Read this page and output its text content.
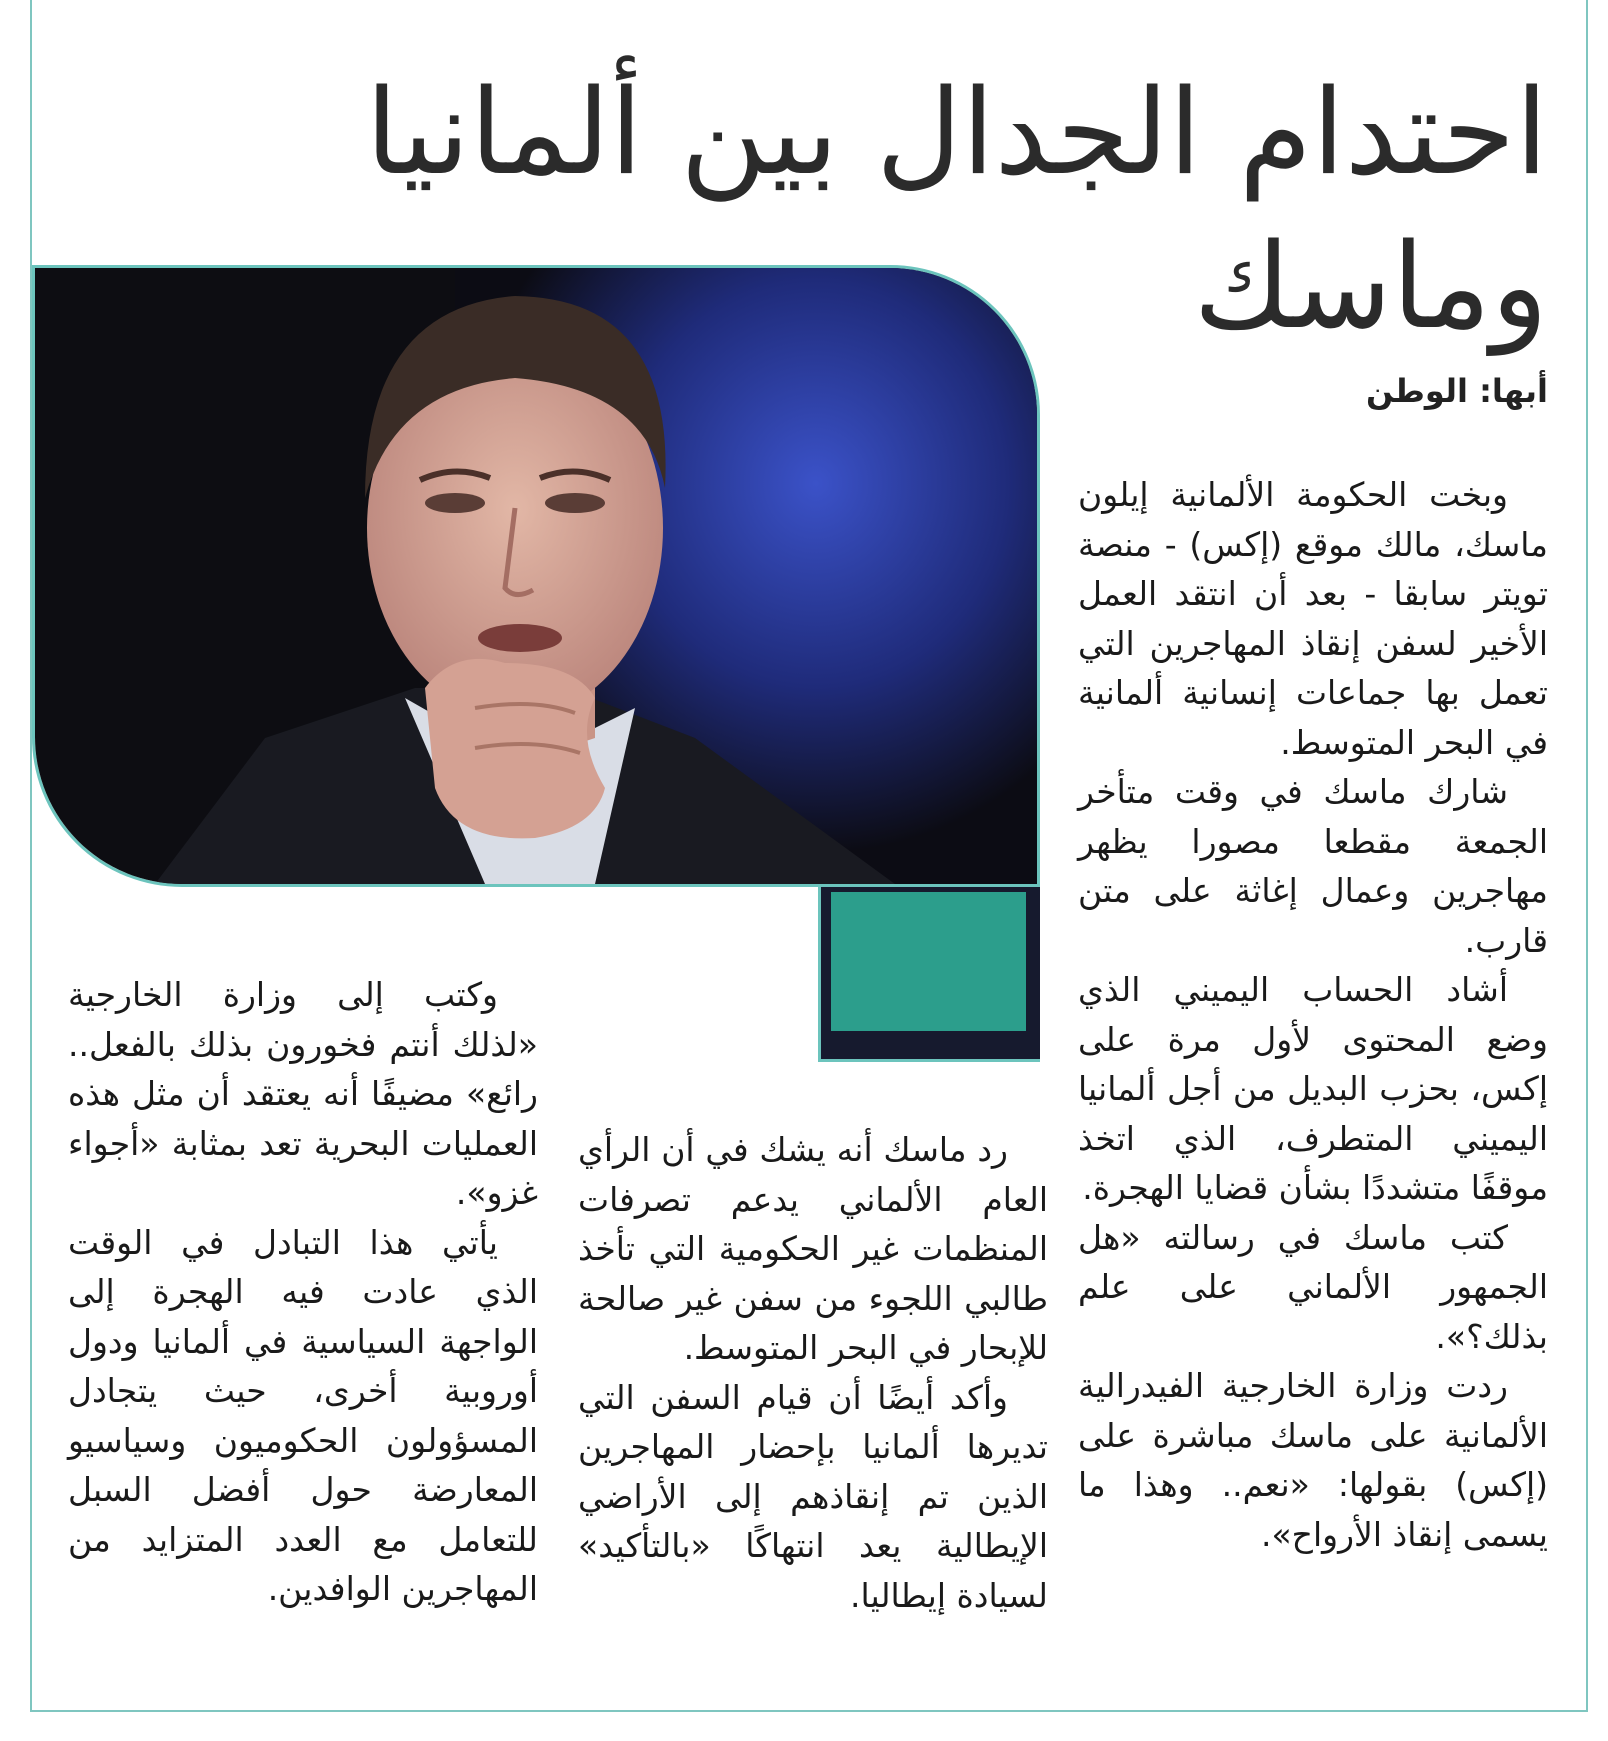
احتدام الجدال بين ألمانيا وماسك
أبها: الوطن

وبخت الحكومة الألمانية إيلون ماسك، مالك موقع (إكس) - منصة تويتر سابقا - بعد أن انتقد العمل الأخير لسفن إنقاذ المهاجرين التي تعمل بها جماعات إنسانية ألمانية في البحر المتوسط.

شارك ماسك في وقت متأخر الجمعة مقطعا مصورا يظهر مهاجرين وعمال إغاثة على متن قارب.

أشاد الحساب اليميني الذي وضع المحتوى لأول مرة على إكس، بحزب البديل من أجل ألمانيا اليميني المتطرف، الذي اتخذ موقفًا متشددًا بشأن قضايا الهجرة.

كتب ماسك في رسالته «هل الجمهور الألماني على علم بذلك؟».

ردت وزارة الخارجية الفيدرالية الألمانية على ماسك مباشرة على (إكس) بقولها: «نعم.. وهذا ما يسمى إنقاذ الأرواح».

رد ماسك أنه يشك في أن الرأي العام الألماني يدعم تصرفات المنظمات غير الحكومية التي تأخذ طالبي اللجوء من سفن غير صالحة للإبحار في البحر المتوسط.

وأكد أيضًا أن قيام السفن التي تديرها ألمانيا بإحضار المهاجرين الذين تم إنقاذهم إلى الأراضي الإيطالية يعد انتهاكًا «بالتأكيد» لسيادة إيطاليا.

وكتب إلى وزارة الخارجية «لذلك أنتم فخورون بذلك بالفعل.. رائع» مضيفًا أنه يعتقد أن مثل هذه العمليات البحرية تعد بمثابة «أجواء غزو».

يأتي هذا التبادل في الوقت الذي عادت فيه الهجرة إلى الواجهة السياسية في ألمانيا ودول أوروبية أخرى، حيث يتجادل المسؤولون الحكوميون وسياسيو المعارضة حول أفضل السبل للتعامل مع العدد المتزايد من المهاجرين الوافدين.
